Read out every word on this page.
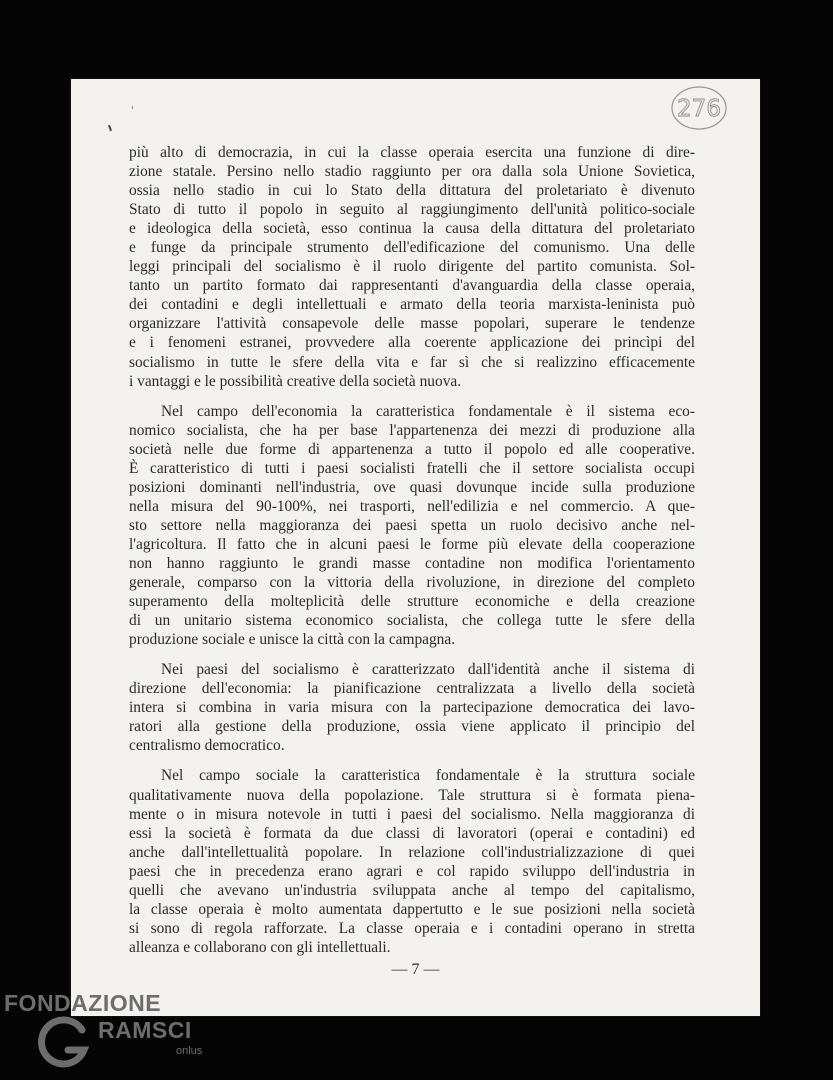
276
più alto di democrazia, in cui la classe operaia esercita una funzione di dire-
zione statale. Persino nello stadio raggiunto per ora dalla sola Unione Sovietica,
ossia nello stadio in cui lo Stato della dittatura del proletariato è divenuto
Stato di tutto il popolo in seguito al raggiungimento dell'unità politico-sociale
e ideologica della società, esso continua la causa della dittatura del proletariato
e funge da principale strumento dell'edificazione del comunismo. Una delle
leggi principali del socialismo è il ruolo dirigente del partito comunista. Sol-
tanto un partito formato dai rappresentanti d'avanguardia della classe operaia,
dei contadini e degli intellettuali e armato della teoria marxista-leninista può
organizzare l'attività consapevole delle masse popolari, superare le tendenze
e i fenomeni estranei, provvedere alla coerente applicazione dei princìpi del
socialismo in tutte le sfere della vita e far sì che si realizzino efficacemente
i vantaggi e le possibilità creative della società nuova.
Nel campo dell'economia la caratteristica fondamentale è il sistema eco-
nomico socialista, che ha per base l'appartenenza dei mezzi di produzione alla
società nelle due forme di appartenenza a tutto il popolo ed alle cooperative.
È caratteristico di tutti i paesi socialisti fratelli che il settore socialista occupi
posizioni dominanti nell'industria, ove quasi dovunque incide sulla produzione
nella misura del 90-100%, nei trasporti, nell'edilizia e nel commercio. A que-
sto settore nella maggioranza dei paesi spetta un ruolo decisivo anche nel-
l'agricoltura. Il fatto che in alcuni paesi le forme più elevate della cooperazione
non hanno raggiunto le grandi masse contadine non modifica l'orientamento
generale, comparso con la vittoria della rivoluzione, in direzione del completo
superamento della molteplicità delle strutture economiche e della creazione
di un unitario sistema economico socialista, che collega tutte le sfere della
produzione sociale e unisce la città con la campagna.
Nei paesi del socialismo è caratterizzato dall'identità anche il sistema di
direzione dell'economia: la pianificazione centralizzata a livello della società
intera si combina in varia misura con la partecipazione democratica dei lavo-
ratori alla gestione della produzione, ossia viene applicato il principio del
centralismo democratico.
Nel campo sociale la caratteristica fondamentale è la struttura sociale
qualitativamente nuova della popolazione. Tale struttura si è formata piena-
mente o in misura notevole in tutti i paesi del socialismo. Nella maggioranza di
essi la società è formata da due classi di lavoratori (operai e contadini) ed
anche dall'intellettualità popolare. In relazione coll'industrializzazione di quei
paesi che in precedenza erano agrari e col rapido sviluppo dell'industria in
quelli che avevano un'industria sviluppata anche al tempo del capitalismo,
la classe operaia è molto aumentata dappertutto e le sue posizioni nella società
si sono di regola rafforzate. La classe operaia e i contadini operano in stretta
alleanza e collaborano con gli intellettuali.
— 7 —
FONDAZIONE
RAMSCI
onlus
